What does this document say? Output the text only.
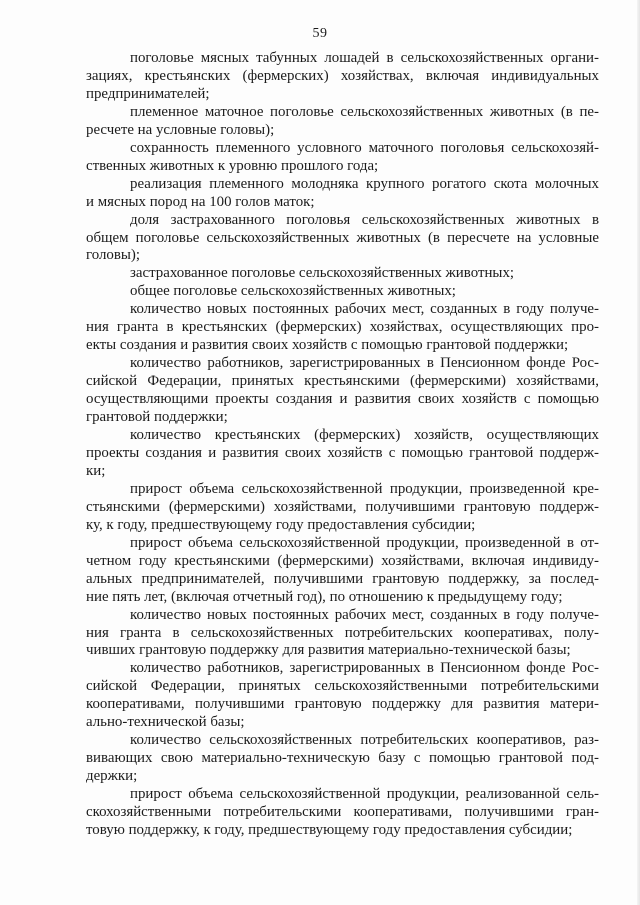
59
поголовье мясных табунных лошадей в сельскохозяйственных органи-
зациях, крестьянских (фермерских) хозяйствах, включая индивидуальных
предпринимателей;
племенное маточное поголовье сельскохозяйственных животных (в пе-
ресчете на условные головы);
сохранность племенного условного маточного поголовья сельскохозяй-
ственных животных к уровню прошлого года;
реализация племенного молодняка крупного рогатого скота молочных
и мясных пород на 100 голов маток;
доля застрахованного поголовья сельскохозяйственных животных в
общем поголовье сельскохозяйственных животных (в пересчете на условные
головы);
застрахованное поголовье сельскохозяйственных животных;
общее поголовье сельскохозяйственных животных;
количество новых постоянных рабочих мест, созданных в году получе-
ния гранта в крестьянских (фермерских) хозяйствах, осуществляющих про-
екты создания и развития своих хозяйств с помощью грантовой поддержки;
количество работников, зарегистрированных в Пенсионном фонде Рос-
сийской Федерации, принятых крестьянскими (фермерскими) хозяйствами,
осуществляющими проекты создания и развития своих хозяйств с помощью
грантовой поддержки;
количество крестьянских (фермерских) хозяйств, осуществляющих
проекты создания и развития своих хозяйств с помощью грантовой поддерж-
ки;
прирост объема сельскохозяйственной продукции, произведенной кре-
стьянскими (фермерскими) хозяйствами, получившими грантовую поддерж-
ку, к году, предшествующему году предоставления субсидии;
прирост объема сельскохозяйственной продукции, произведенной в от-
четном году крестьянскими (фермерскими) хозяйствами, включая индивиду-
альных предпринимателей, получившими грантовую поддержку, за послед-
ние пять лет, (включая отчетный год), по отношению к предыдущему году;
количество новых постоянных рабочих мест, созданных в году получе-
ния гранта в сельскохозяйственных потребительских кооперативах, полу-
чивших грантовую поддержку для развития материально-технической базы;
количество работников, зарегистрированных в Пенсионном фонде Рос-
сийской Федерации, принятых сельскохозяйственными потребительскими
кооперативами, получившими грантовую поддержку для развития матери-
ально-технической базы;
количество сельскохозяйственных потребительских кооперативов, раз-
вивающих свою материально-техническую базу с помощью грантовой под-
держки;
прирост объема сельскохозяйственной продукции, реализованной сель-
скохозяйственными потребительскими кооперативами, получившими гран-
товую поддержку, к году, предшествующему году предоставления субсидии;
